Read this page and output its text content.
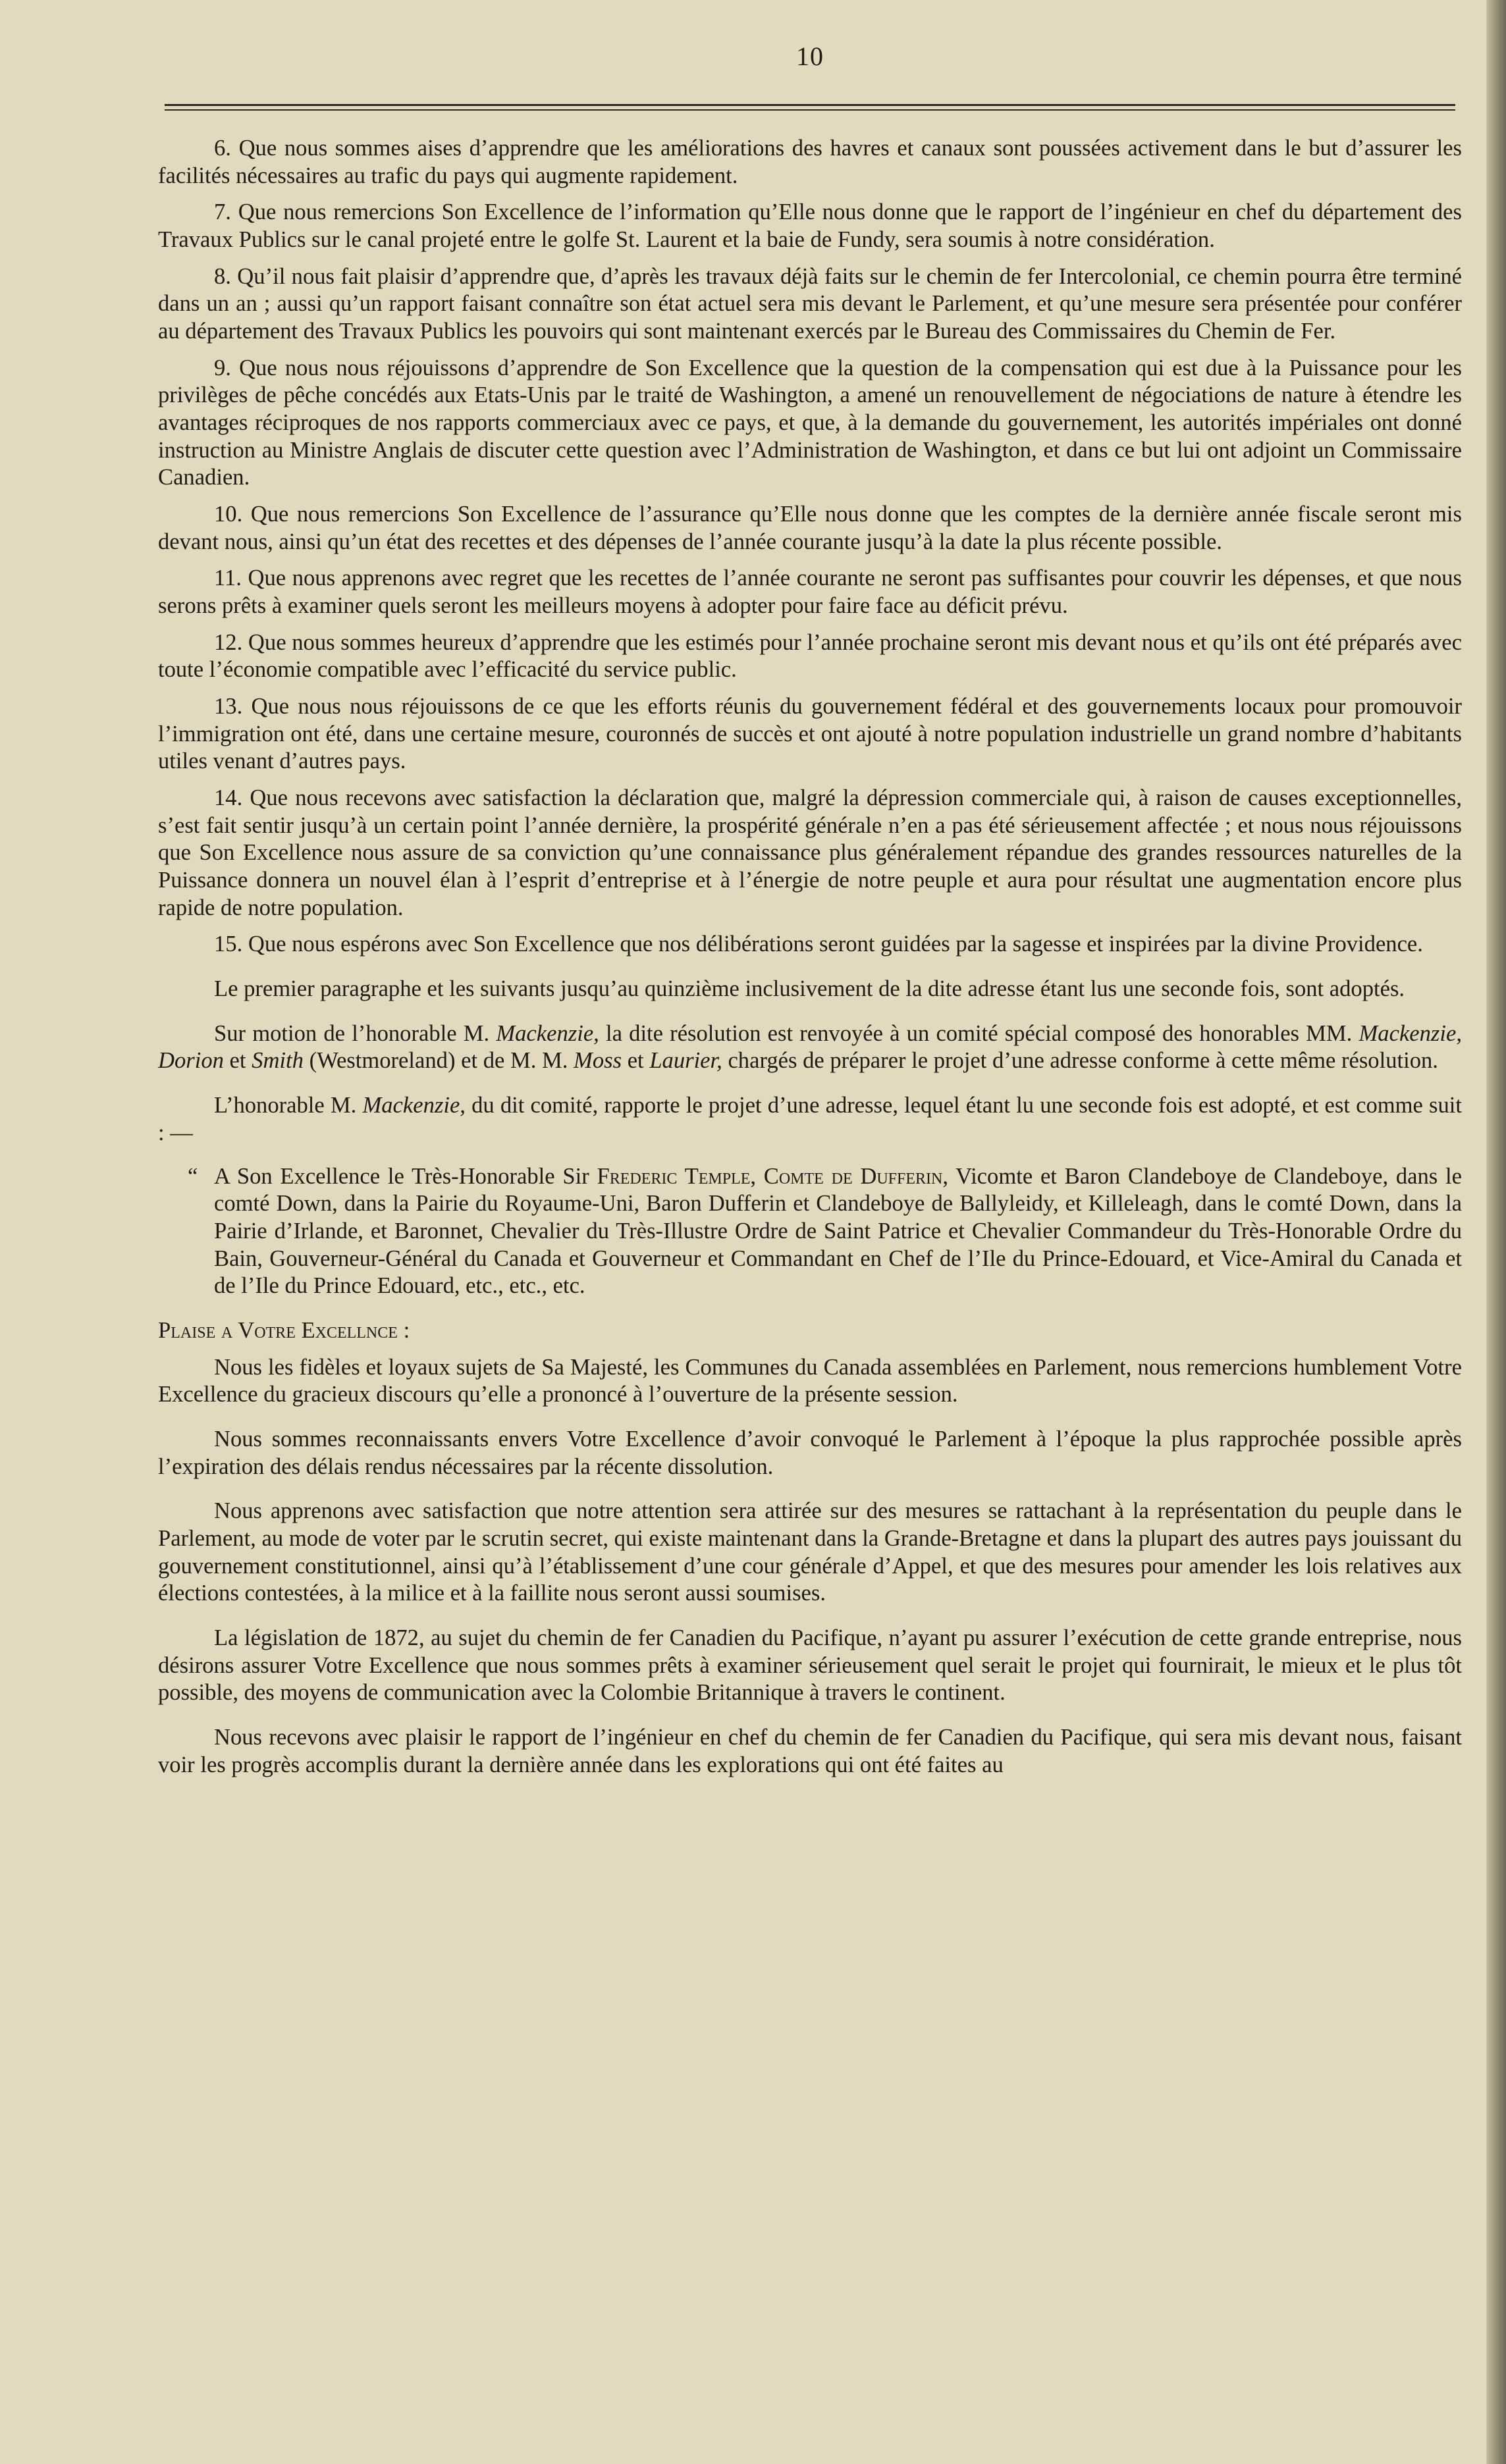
10

6. Que nous sommes aises d’apprendre que les améliorations des havres et canaux sont poussées activement dans le but d’assurer les facilités nécessaires au trafic du pays qui augmente rapidement.

7. Que nous remercions Son Excellence de l’information qu’Elle nous donne que le rapport de l’ingénieur en chef du département des Travaux Publics sur le canal projeté entre le golfe St. Laurent et la baie de Fundy, sera soumis à notre considération.

8. Qu’il nous fait plaisir d’apprendre que, d’après les travaux déjà faits sur le chemin de fer Intercolonial, ce chemin pourra être terminé dans un an ; aussi qu’un rapport faisant connaître son état actuel sera mis devant le Parlement, et qu’une mesure sera présentée pour conférer au département des Travaux Publics les pouvoirs qui sont maintenant exercés par le Bureau des Commissaires du Chemin de Fer.

9. Que nous nous réjouissons d’apprendre de Son Excellence que la question de la compensation qui est due à la Puissance pour les privilèges de pêche concédés aux Etats-Unis par le traité de Washington, a amené un renouvellement de négociations de nature à étendre les avantages réciproques de nos rapports commerciaux avec ce pays, et que, à la demande du gouvernement, les autorités impériales ont donné instruction au Ministre Anglais de discuter cette question avec l’Administration de Washington, et dans ce but lui ont adjoint un Commissaire Canadien.

10. Que nous remercions Son Excellence de l’assurance qu’Elle nous donne que les comptes de la dernière année fiscale seront mis devant nous, ainsi qu’un état des recettes et des dépenses de l’année courante jusqu’à la date la plus récente possible.

11. Que nous apprenons avec regret que les recettes de l’année courante ne seront pas suffisantes pour couvrir les dépenses, et que nous serons prêts à examiner quels seront les meilleurs moyens à adopter pour faire face au déficit prévu.

12. Que nous sommes heureux d’apprendre que les estimés pour l’année prochaine seront mis devant nous et qu’ils ont été préparés avec toute l’économie compatible avec l’efficacité du service public.

13. Que nous nous réjouissons de ce que les efforts réunis du gouvernement fédéral et des gouvernements locaux pour promouvoir l’immigration ont été, dans une certaine mesure, couronnés de succès et ont ajouté à notre population industrielle un grand nombre d’habitants utiles venant d’autres pays.

14. Que nous recevons avec satisfaction la déclaration que, malgré la dépression commerciale qui, à raison de causes exceptionnelles, s’est fait sentir jusqu’à un certain point l’année dernière, la prospérité générale n’en a pas été sérieusement affectée ; et nous nous réjouissons que Son Excellence nous assure de sa conviction qu’une connaissance plus généralement répandue des grandes ressources naturelles de la Puissance donnera un nouvel élan à l’esprit d’entreprise et à l’énergie de notre peuple et aura pour résultat une augmentation encore plus rapide de notre population.

15. Que nous espérons avec Son Excellence que nos délibérations seront guidées par la sagesse et inspirées par la divine Providence.

Le premier paragraphe et les suivants jusqu’au quinzième inclusivement de la dite adresse étant lus une seconde fois, sont adoptés.

Sur motion de l’honorable M. Mackenzie, la dite résolution est renvoyée à un comité spécial composé des honorables MM. Mackenzie, Dorion et Smith (Westmoreland) et de M. M. Moss et Laurier, chargés de préparer le projet d’une adresse conforme à cette même résolution.

L’honorable M. Mackenzie, du dit comité, rapporte le projet d’une adresse, lequel étant lu une seconde fois est adopté, et est comme suit : —

“ A Son Excellence le Très-Honorable Sir Frederic Temple, Comte de Dufferin, Vicomte et Baron Clandeboye de Clandeboye, dans le comté Down, dans la Pairie du Royaume-Uni, Baron Dufferin et Clandeboye de Ballyleidy, et Killeleagh, dans le comté Down, dans la Pairie d’Irlande, et Baronnet, Chevalier du Très-Illustre Ordre de Saint Patrice et Chevalier Commandeur du Très-Honorable Ordre du Bain, Gouverneur-Général du Canada et Gouverneur et Commandant en Chef de l’Ile du Prince-Edouard, et Vice-Amiral du Canada et de l’Ile du Prince Edouard, etc., etc., etc.

Plaise a Votre Excellnce :

Nous les fidèles et loyaux sujets de Sa Majesté, les Communes du Canada assemblées en Parlement, nous remercions humblement Votre Excellence du gracieux discours qu’elle a prononcé à l’ouverture de la présente session.

Nous sommes reconnaissants envers Votre Excellence d’avoir convoqué le Parlement à l’époque la plus rapprochée possible après l’expiration des délais rendus nécessaires par la récente dissolution.

Nous apprenons avec satisfaction que notre attention sera attirée sur des mesures se rattachant à la représentation du peuple dans le Parlement, au mode de voter par le scrutin secret, qui existe maintenant dans la Grande-Bretagne et dans la plupart des autres pays jouissant du gouvernement constitutionnel, ainsi qu’à l’établissement d’une cour générale d’Appel, et que des mesures pour amender les lois relatives aux élections contestées, à la milice et à la faillite nous seront aussi soumises.

La législation de 1872, au sujet du chemin de fer Canadien du Pacifique, n’ayant pu assurer l’exécution de cette grande entreprise, nous désirons assurer Votre Excellence que nous sommes prêts à examiner sérieusement quel serait le projet qui fournirait, le mieux et le plus tôt possible, des moyens de communication avec la Colombie Britannique à travers le continent.

Nous recevons avec plaisir le rapport de l’ingénieur en chef du chemin de fer Canadien du Pacifique, qui sera mis devant nous, faisant voir les progrès accomplis durant la dernière année dans les explorations qui ont été faites au
